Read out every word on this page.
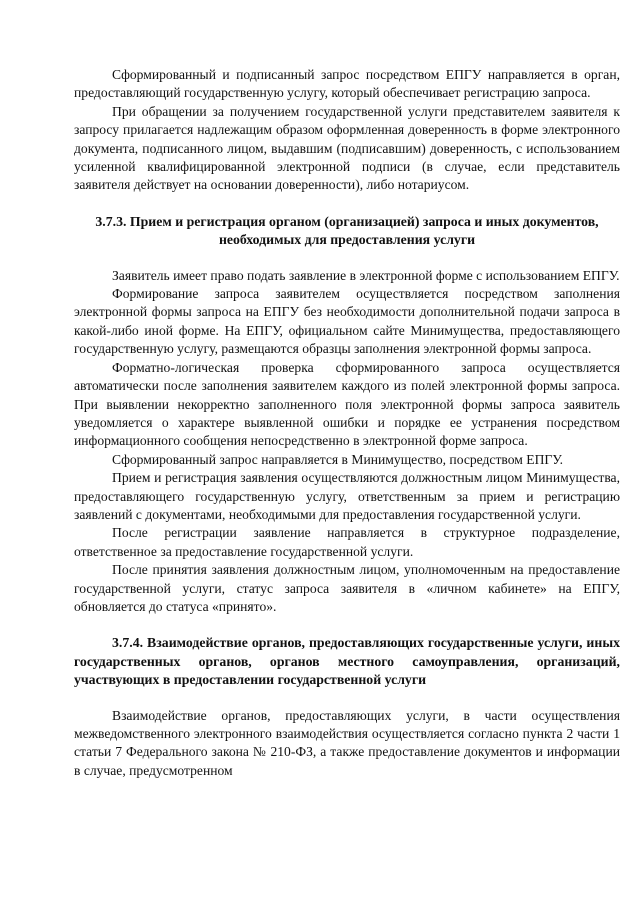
Сформированный и подписанный запрос посредством ЕПГУ направляется в орган, предоставляющий государственную услугу, который обеспечивает регистрацию запроса.

При обращении за получением государственной услуги представителем заявителя к запросу прилагается надлежащим образом оформленная доверенность в форме электронного документа, подписанного лицом, выдавшим (подписавшим) доверенность, с использованием усиленной квалифицированной электронной подписи (в случае, если представитель заявителя действует на основании доверенности), либо нотариусом.

3.7.3. Прием и регистрация органом (организацией) запроса и иных документов, необходимых для предоставления услуги

Заявитель имеет право подать заявление в электронной форме с использованием ЕПГУ.

Формирование запроса заявителем осуществляется посредством заполнения электронной формы запроса на ЕПГУ без необходимости дополнительной подачи запроса в какой-либо иной форме. На ЕПГУ, официальном сайте Минимущества, предоставляющего государственную услугу, размещаются образцы заполнения электронной формы запроса.

Форматно-логическая проверка сформированного запроса осуществляется автоматически после заполнения заявителем каждого из полей электронной формы запроса. При выявлении некорректно заполненного поля электронной формы запроса заявитель уведомляется о характере выявленной ошибки и порядке ее устранения посредством информационного сообщения непосредственно в электронной форме запроса.

Сформированный запрос направляется в Минимущество, посредством ЕПГУ.

Прием и регистрация заявления осуществляются должностным лицом Минимущества, предоставляющего государственную услугу, ответственным за прием и регистрацию заявлений с документами, необходимыми для предоставления государственной услуги.

После регистрации заявление направляется в структурное подразделение, ответственное за предоставление государственной услуги.

После принятия заявления должностным лицом, уполномоченным на предоставление государственной услуги, статус запроса заявителя в «личном кабинете» на ЕПГУ, обновляется до статуса «принято».

3.7.4. Взаимодействие органов, предоставляющих государственные услуги, иных государственных органов, органов местного самоуправления, организаций, участвующих в предоставлении государственной услуги

Взаимодействие органов, предоставляющих услуги, в части осуществления межведомственного электронного взаимодействия осуществляется согласно пункта 2 части 1 статьи 7 Федерального закона № 210-ФЗ, а также предоставление документов и информации в случае, предусмотренном
